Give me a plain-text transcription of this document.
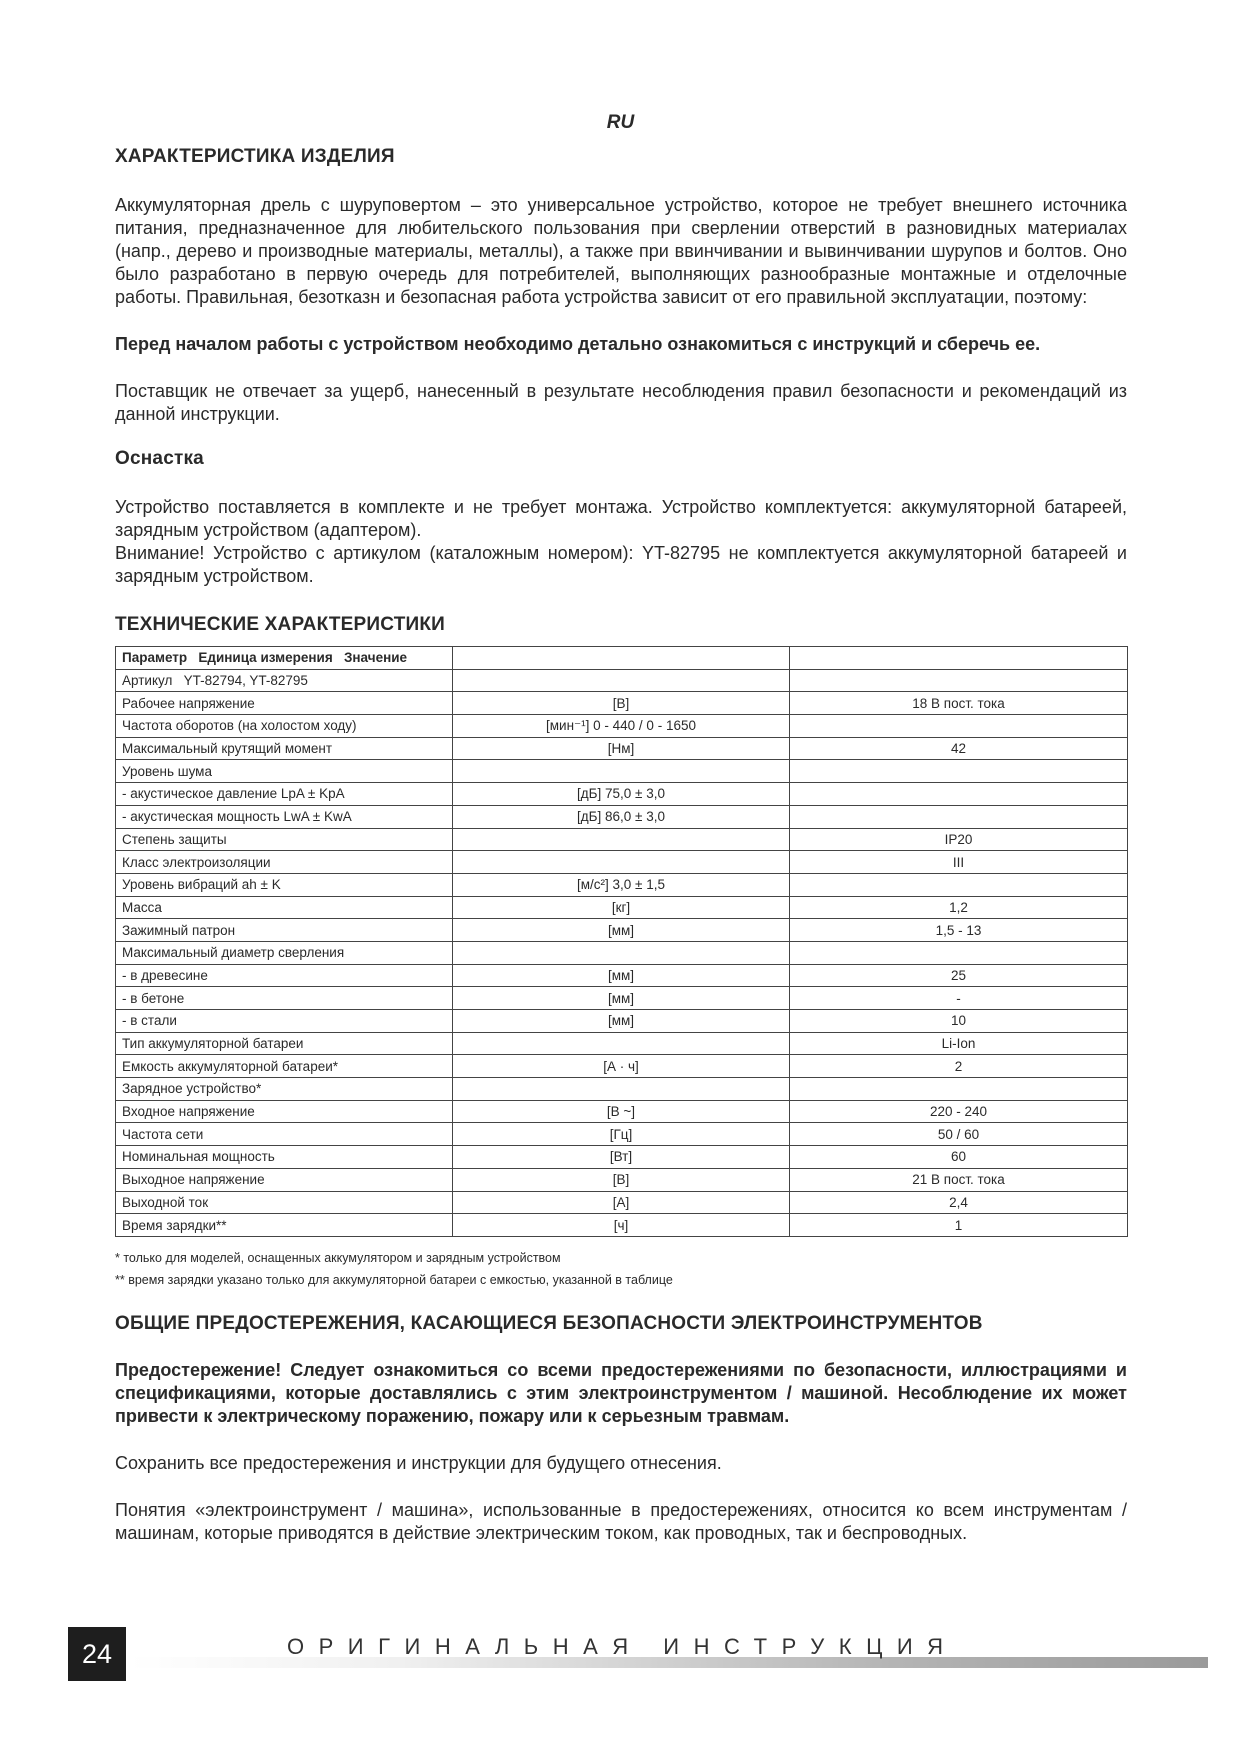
RU
ХАРАКТЕРИСТИКА ИЗДЕЛИЯ

Аккумуляторная дрель с шуруповертом – это универсальное устройство, которое не требует внешнего источника питания, предназначенное для любительского пользования при сверлении отверстий в разновидных материалах (напр., дерево и производные материалы, металлы), а также при ввинчивании и вывинчивании шурупов и болтов. Оно было разработано в первую очередь для потребителей, выполняющих разнообразные монтажные и отделочные работы. Правильная, безотказн и безопасная работа устройства зависит от его правильной эксплуатации, поэтому:

Перед началом работы с устройством необходимо детально ознакомиться с инструкций и сберечь ее.

Поставщик не отвечает за ущерб, нанесенный в результате несоблюдения правил безопасности и рекомендаций из данной инструкции.

Оснастка

Устройство поставляется в комплекте и не требует монтажа. Устройство комплектуется: аккумуляторной батареей, зарядным устройством (адаптером).

Внимание! Устройство с артикулом (каталожным номером): YT-82795 не комплектуется аккумуляторной батареей и зарядным устройством.

ТЕХНИЧЕСКИЕ ХАРАКТЕРИСТИКИ
Параметр   Единица измерения   Значение		
Артикул   YT-82794, YT-82795		
Рабочее напряжение	[В]	18 В пост. тока
Частота оборотов (на холостом ходу)	[мин⁻¹] 0 - 440 / 0 - 1650	
Максимальный крутящий момент	[Нм]	42
Уровень шума		
- акустическое давление LpA ± KpA	[дБ] 75,0 ± 3,0	
- акустическая мощность LwA ± KwA	[дБ] 86,0 ± 3,0	
Степень защиты		IP20
Класс электроизоляции		III
Уровень вибраций ah ± K	[м/с²] 3,0 ± 1,5	
Масса	[кг]	1,2
Зажимный патрон	[мм]	1,5 - 13
Максимальный диаметр сверления		
- в древесине	[мм]	25
- в бетоне	[мм]	-
- в стали	[мм]	10
Тип аккумуляторной батареи		Li-Ion
Емкость аккумуляторной батареи*	[А · ч]	2
Зарядное устройство*		
Входное напряжение	[В ~]	220 - 240
Частота сети	[Гц]	50 / 60
Номинальная мощность	[Вт]	60
Выходное напряжение	[В]	21 В пост. тока
Выходной ток	[А]	2,4
Время зарядки**	[ч]	1

* только для моделей, оснащенных аккумулятором и зарядным устройством

** время зарядки указано только для аккумуляторной батареи с емкостью, указанной в таблице

ОБЩИЕ ПРЕДОСТЕРЕЖЕНИЯ, КАСАЮЩИЕСЯ БЕЗОПАСНОСТИ ЭЛЕКТРОИНСТРУМЕНТОВ

Предостережение! Следует ознакомиться со всеми предостережениями по безопасности, иллюстрациями и спецификациями, которые доставлялись с этим электроинструментом / машиной. Несоблюдение их может привести к электрическому поражению, пожару или к серьезным травмам.

Сохранить все предостережения и инструкции для будущего отнесения.

Понятия «электроинструмент / машина», использованные в предостережениях, относится ко всем инструментам / машинам, которые приводятся в действие электрическим током, как проводных, так и беспроводных.

24	ОРИГИНАЛЬНАЯ ИНСТРУКЦИЯ
